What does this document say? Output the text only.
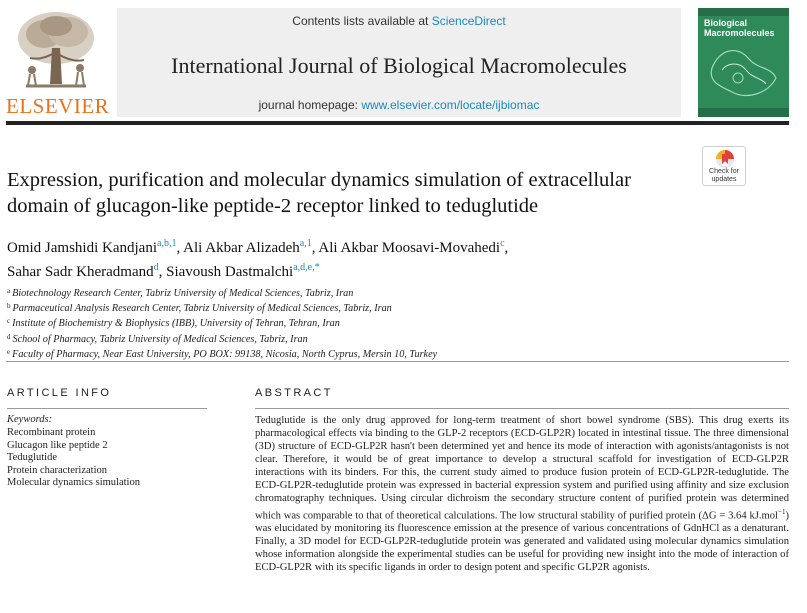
ELSEVIER
Contents lists available at ScienceDirect
International Journal of Biological Macromolecules
journal homepage: www.elsevier.com/locate/ijbiomac
Biological
Macromolecules
Check for
updates
Expression, purification and molecular dynamics simulation of extracellular domain of glucagon-like peptide-2 receptor linked to teduglutide
Omid Jamshidi Kandjani$^{a,b,1}$, Ali Akbar Alizadeh$^{a,1}$, Ali Akbar Moosavi-Movahedi$^c$,
Sahar Sadr Kheradmand$^d$, Siavoush Dastmalchi$^{a,d,e,*}$
$^a$ Biotechnology Research Center, Tabriz University of Medical Sciences, Tabriz, Iran
$^b$ Parmaceutical Analysis Research Center, Tabriz University of Medical Sciences, Tabriz, Iran
$^c$ Institute of Biochemistry & Biophysics (IBB), University of Tehran, Tehran, Iran
$^d$ School of Pharmacy, Tabriz University of Medical Sciences, Tabriz, Iran
$^e$ Faculty of Pharmacy, Near East University, PO BOX: 99138, Nicosia, North Cyprus, Mersin 10, Turkey
ARTICLE INFO	ABSTRACT
Keywords:
Recombinant protein
Glucagon like peptide 2
Teduglutide
Protein characterization
Molecular dynamics simulation
Teduglutide is the only drug approved for long-term treatment of short bowel syndrome (SBS). This drug exerts its pharmacological effects via binding to the GLP-2 receptors (ECD-GLP2R) located in intestinal tissue. The three dimensional (3D) structure of ECD-GLP2R hasn't been determined yet and hence its mode of interaction with agonists/antagonists is not clear. Therefore, it would be of great importance to develop a structural scaffold for investigation of ECD-GLP2R interactions with its binders. For this, the current study aimed to produce fusion protein of ECD-GLP2R-teduglutide. The ECD-GLP2R-teduglutide protein was expressed in bacterial expression system and purified using affinity and size exclusion chromatography techniques. Using circular dichroism the secondary structure content of purified protein was determined which was comparable to that of theoretical calculations. The low structural stability of purified protein (ΔG = 3.64 kJ.mol$^{-1}$) was elucidated by monitoring its fluorescence emission at the presence of various concentrations of GdnHCl as a denaturant. Finally, a 3D model for ECD-GLP2R-teduglutide protein was generated and validated using molecular dynamics simulation whose information alongside the experimental studies can be useful for providing new insight into the mode of interaction of ECD-GLP2R with its specific ligands in order to design potent and specific GLP2R agonists.
